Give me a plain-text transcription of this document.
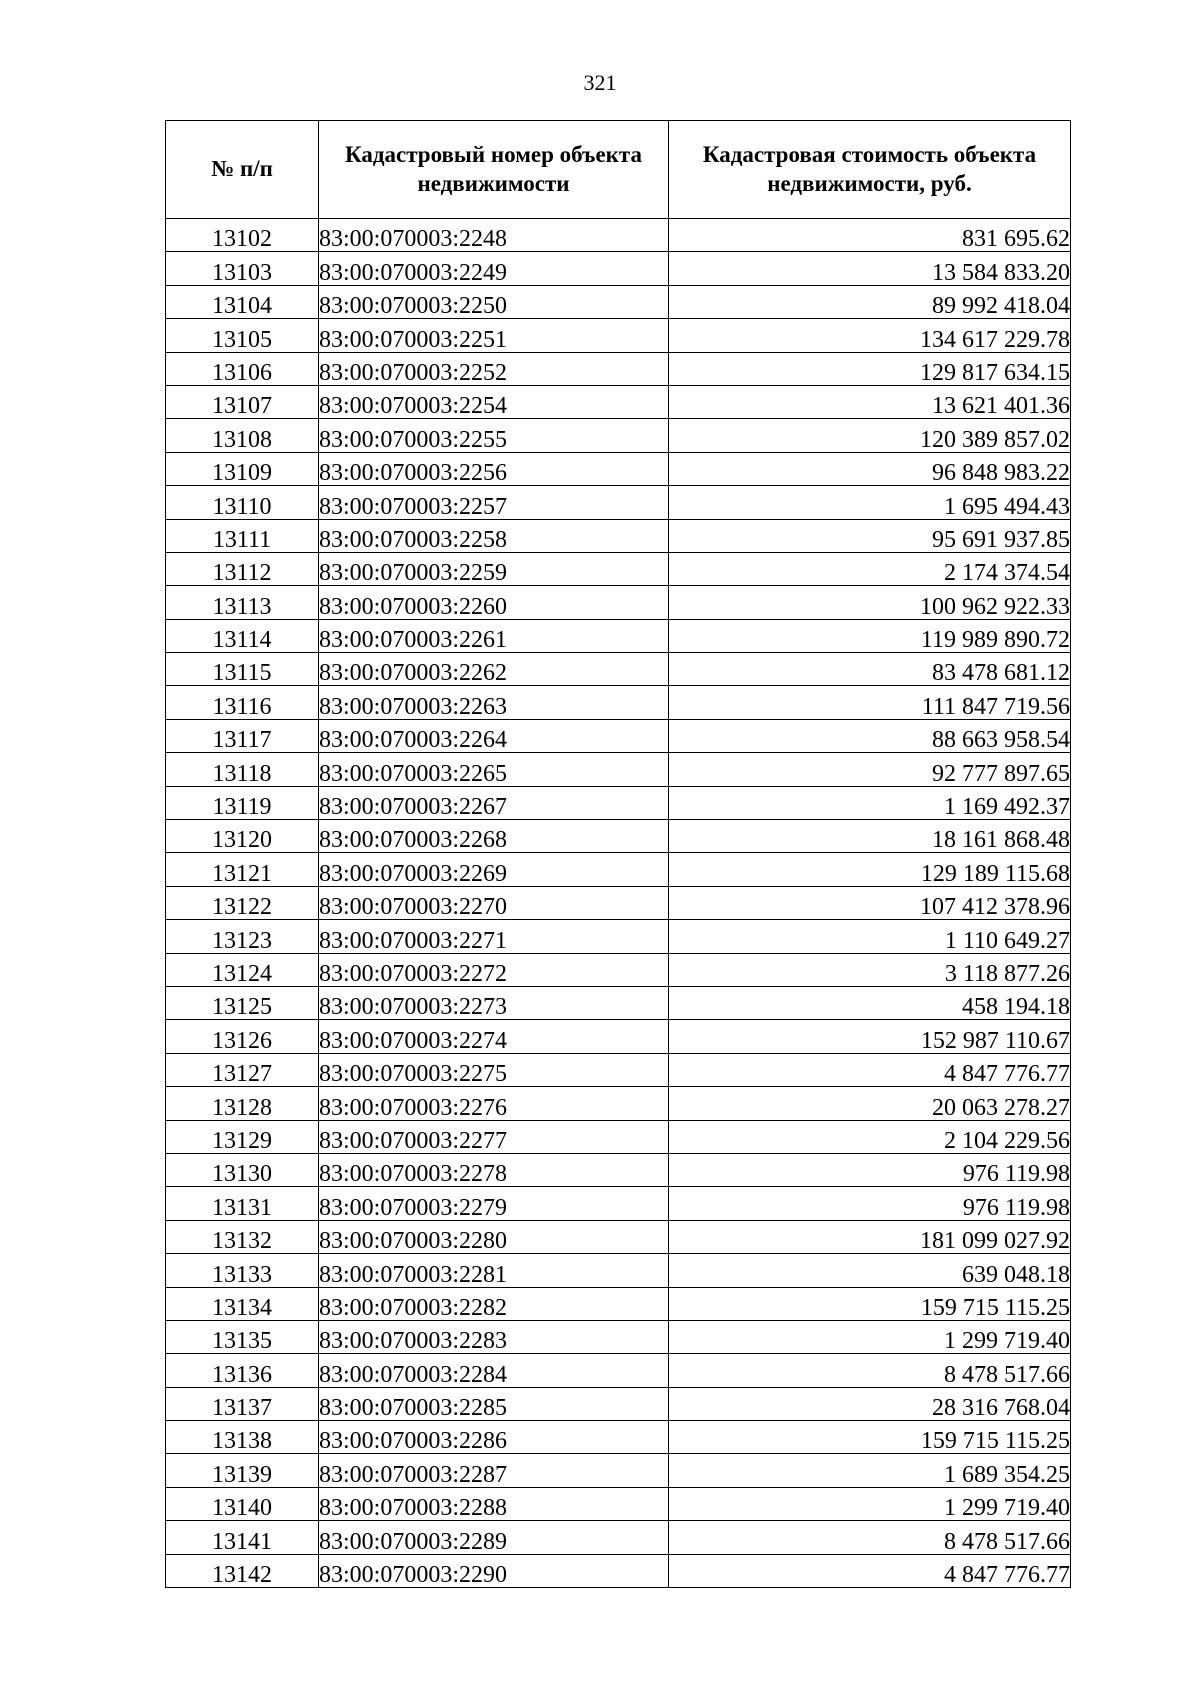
321
№ п/п	Кадастровый номер объекта недвижимости	Кадастровая стоимость объекта недвижимости, руб.
13102	83:00:070003:2248	831 695.62
13103	83:00:070003:2249	13 584 833.20
13104	83:00:070003:2250	89 992 418.04
13105	83:00:070003:2251	134 617 229.78
13106	83:00:070003:2252	129 817 634.15
13107	83:00:070003:2254	13 621 401.36
13108	83:00:070003:2255	120 389 857.02
13109	83:00:070003:2256	96 848 983.22
13110	83:00:070003:2257	1 695 494.43
13111	83:00:070003:2258	95 691 937.85
13112	83:00:070003:2259	2 174 374.54
13113	83:00:070003:2260	100 962 922.33
13114	83:00:070003:2261	119 989 890.72
13115	83:00:070003:2262	83 478 681.12
13116	83:00:070003:2263	111 847 719.56
13117	83:00:070003:2264	88 663 958.54
13118	83:00:070003:2265	92 777 897.65
13119	83:00:070003:2267	1 169 492.37
13120	83:00:070003:2268	18 161 868.48
13121	83:00:070003:2269	129 189 115.68
13122	83:00:070003:2270	107 412 378.96
13123	83:00:070003:2271	1 110 649.27
13124	83:00:070003:2272	3 118 877.26
13125	83:00:070003:2273	458 194.18
13126	83:00:070003:2274	152 987 110.67
13127	83:00:070003:2275	4 847 776.77
13128	83:00:070003:2276	20 063 278.27
13129	83:00:070003:2277	2 104 229.56
13130	83:00:070003:2278	976 119.98
13131	83:00:070003:2279	976 119.98
13132	83:00:070003:2280	181 099 027.92
13133	83:00:070003:2281	639 048.18
13134	83:00:070003:2282	159 715 115.25
13135	83:00:070003:2283	1 299 719.40
13136	83:00:070003:2284	8 478 517.66
13137	83:00:070003:2285	28 316 768.04
13138	83:00:070003:2286	159 715 115.25
13139	83:00:070003:2287	1 689 354.25
13140	83:00:070003:2288	1 299 719.40
13141	83:00:070003:2289	8 478 517.66
13142	83:00:070003:2290	4 847 776.77
